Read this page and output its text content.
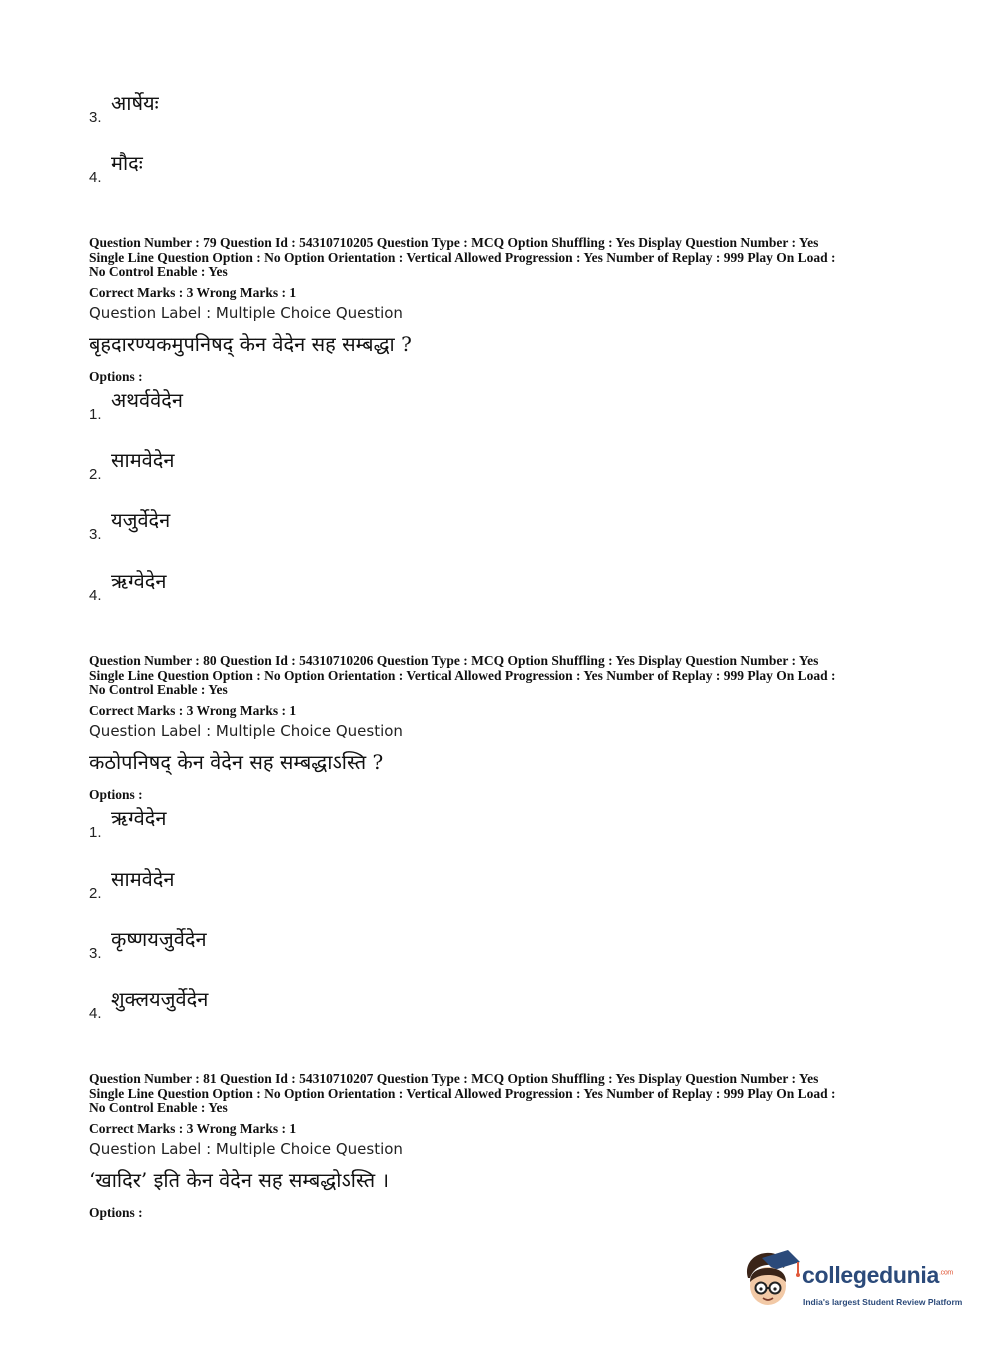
3.
आर्षेयः
4.
मौदः
Question Number : 79 Question Id : 54310710205 Question Type : MCQ Option Shuffling : Yes Display Question Number : Yes
Single Line Question Option : No Option Orientation : Vertical Allowed Progression : Yes Number of Replay : 999 Play On Load :
No Control Enable : Yes
Correct Marks : 3 Wrong Marks : 1
Question Label : Multiple Choice Question
बृहदारण्यकमुपनिषद् केन वेदेन सह सम्बद्धा ?
Options :
1.
अथर्ववेदेन
2.
सामवेदेन
3.
यजुर्वेदेन
4.
ऋग्वेदेन
Question Number : 80 Question Id : 54310710206 Question Type : MCQ Option Shuffling : Yes Display Question Number : Yes
Single Line Question Option : No Option Orientation : Vertical Allowed Progression : Yes Number of Replay : 999 Play On Load :
No Control Enable : Yes
Correct Marks : 3 Wrong Marks : 1
Question Label : Multiple Choice Question
कठोपनिषद् केन वेदेन सह सम्बद्धाऽस्ति ?
Options :
1.
ऋग्वेदेन
2.
सामवेदेन
3.
कृष्णयजुर्वेदेन
4.
शुक्लयजुर्वेदेन
Question Number : 81 Question Id : 54310710207 Question Type : MCQ Option Shuffling : Yes Display Question Number : Yes
Single Line Question Option : No Option Orientation : Vertical Allowed Progression : Yes Number of Replay : 999 Play On Load :
No Control Enable : Yes
Correct Marks : 3 Wrong Marks : 1
Question Label : Multiple Choice Question
‘खादिर’ इति केन वेदेन सह सम्बद्धोऽस्ति ।
Options :
collegedunia$^{.com}$
India's largest Student Review Platform
